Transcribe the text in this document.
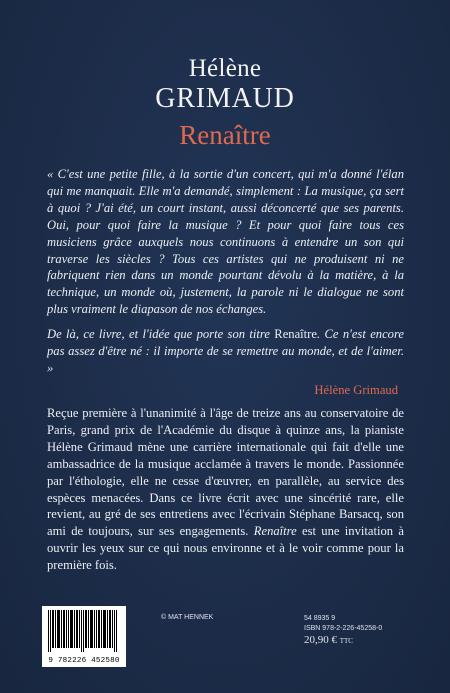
Hélène
GRIMAUD
Renaître

« C'est une petite fille, à la sortie d'un concert, qui m'a donné l'élan qui me manquait. Elle m'a demandé, simplement : La musique, ça sert à quoi ? J'ai été, un court instant, aussi déconcerté que ses parents. Oui, pour quoi faire la musique ? Et pour quoi faire tous ces musiciens grâce auxquels nous continuons à entendre un son qui traverse les siècles ? Tous ces artistes qui ne produisent ni ne fabriquent rien dans un monde pourtant dévolu à la matière, à la technique, un monde où, justement, la parole ni le dialogue ne sont plus vraiment le diapason de nos échanges.

De là, ce livre, et l'idée que porte son titre Renaître. Ce n'est encore pas assez d'être né : il importe de se remettre au monde, et de l'aimer. »

Hélène Grimaud
Reçue première à l'unanimité à l'âge de treize ans au conservatoire de Paris, grand prix de l'Académie du disque à quinze ans, la pianiste Hélène Grimaud mène une carrière internationale qui fait d'elle une ambassadrice de la musique acclamée à travers le monde. Passionnée par l'éthologie, elle ne cesse d'œuvrer, en parallèle, au service des espèces menacées. Dans ce livre écrit avec une sincérité rare, elle revient, au gré de ses entretiens avec l'écrivain Stéphane Barsacq, son ami de toujours, sur ses engagements. Renaître est une invitation à ouvrir les yeux sur ce qui nous environne et à le voir comme pour la première fois.
9 782226 452580
© MAT HENNEK	54 8935 9
ISBN 978-2-226-45258-0
20,90 € TTC
